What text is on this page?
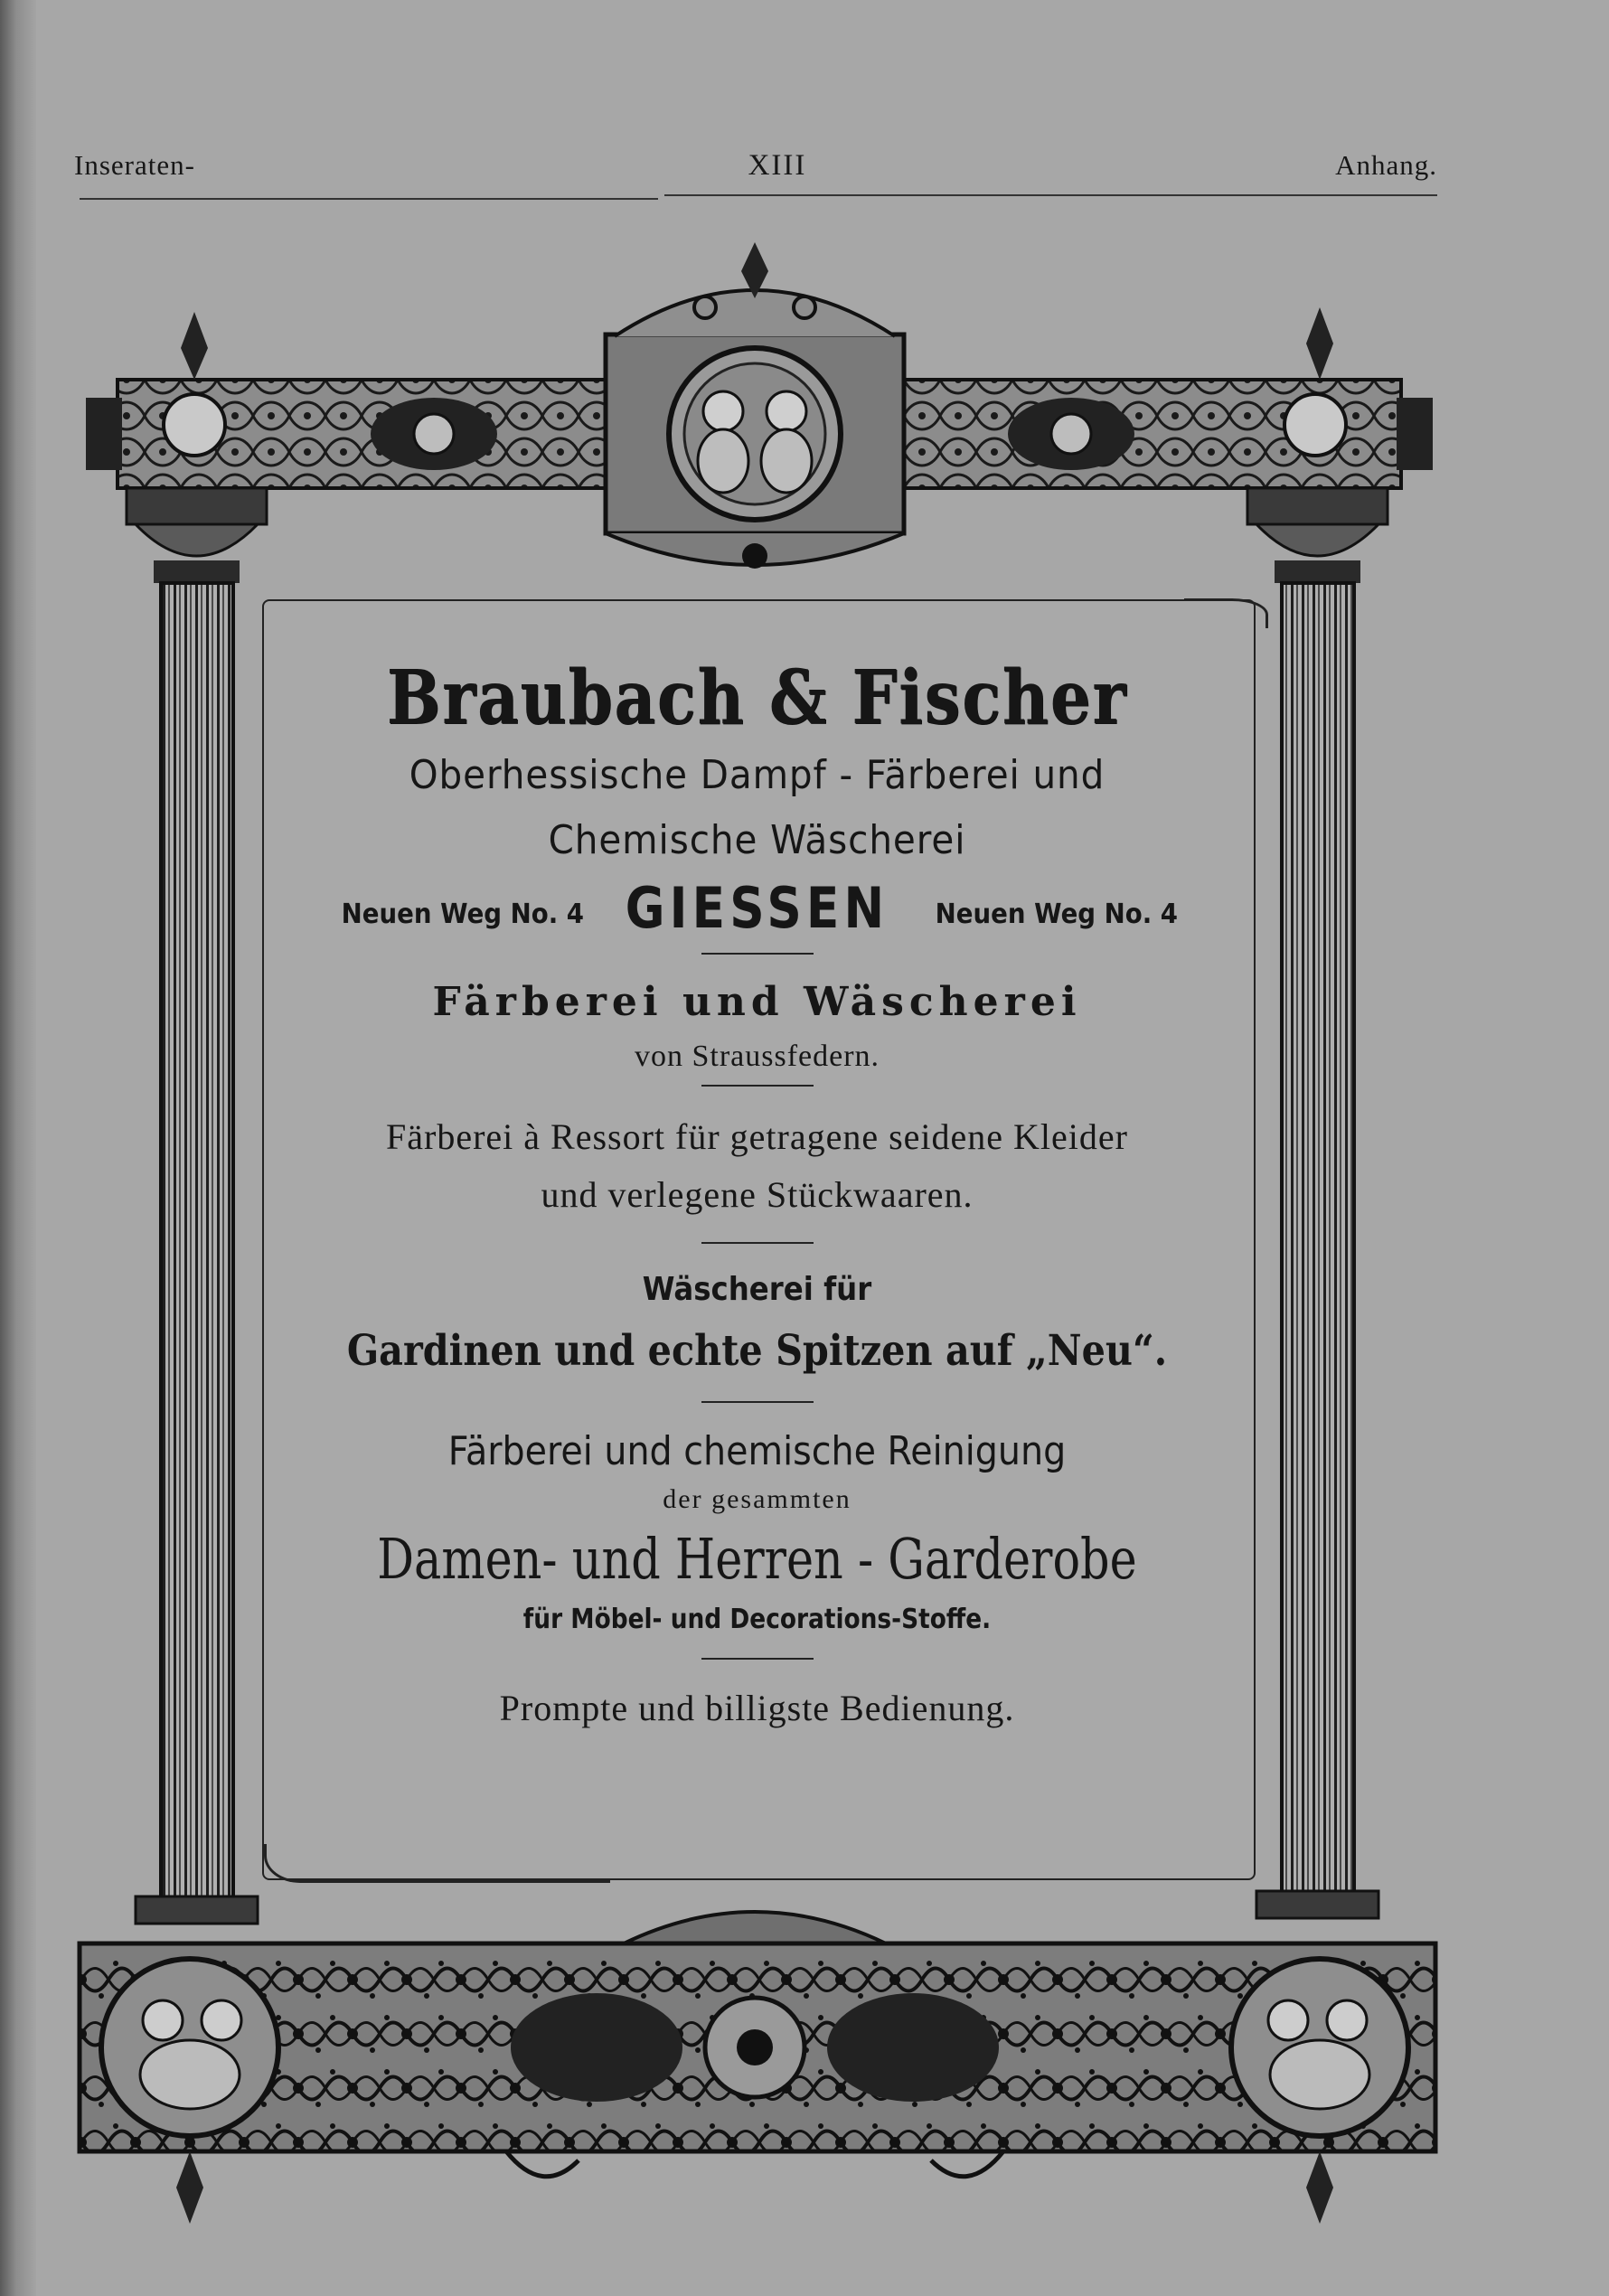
Inseraten-	XIII	Anhang.
Braubach & Fischer
Oberhessische Dampf - Färberei und
Chemische Wäscherei
Neuen Weg No. 4 GIESSEN	Neuen Weg No. 4
Färberei und Wäscherei
von Straussfedern.
Färberei à Ressort für getragene seidene Kleider
und verlegene Stückwaaren.
Wäscherei für
Gardinen und echte Spitzen auf „Neu“.
Färberei und chemische Reinigung
der gesammten
Damen- und Herren - Garderobe
für Möbel- und Decorations-Stoffe.
Prompte und billigste Bedienung.
